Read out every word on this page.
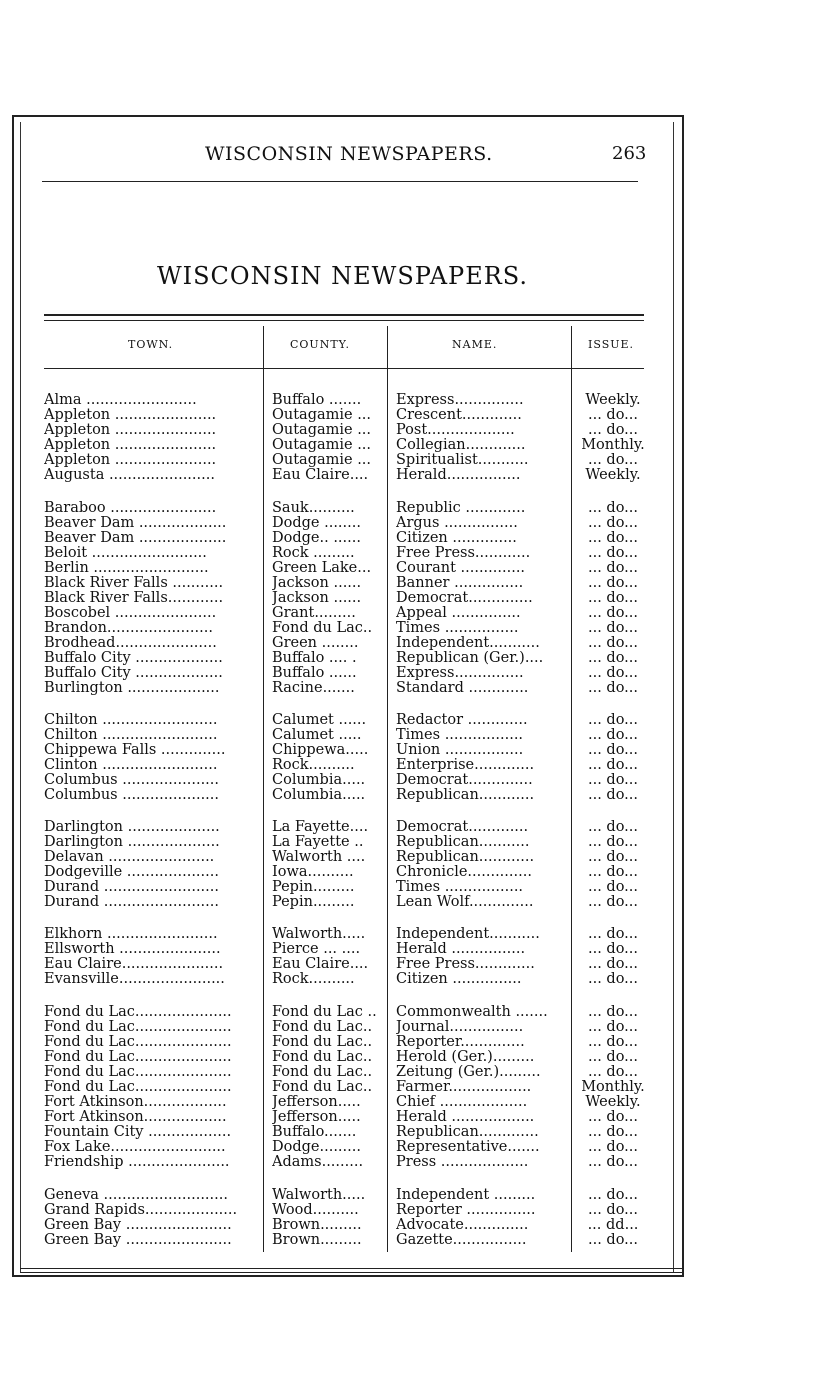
WISCONSIN NEWSPAPERS.	263
WISCONSIN NEWSPAPERS.
TOWN.	COUNTY.	NAME.	ISSUE.
Alma ........................	Buffalo .......	Express...............	Weekly.
Appleton ......................	Outagamie ...	Crescent.............	... do...
Appleton ......................	Outagamie ...	Post...................	... do...
Appleton ......................	Outagamie ...	Collegian.............	Monthly.
Appleton ......................	Outagamie ...	Spiritualist...........	... do...
Augusta .......................	Eau Claire....	Herald................	Weekly.
Baraboo .......................	Sauk..........	Republic .............	... do...
Beaver Dam ...................	Dodge ........	Argus ................	... do...
Beaver Dam ...................	Dodge.. ......	Citizen ..............	... do...
Beloit .........................	Rock .........	Free Press............	... do...
Berlin .........................	Green Lake...	Courant ..............	... do...
Black River Falls ...........	Jackson ......	Banner ...............	... do...
Black River Falls............	Jackson ......	Democrat..............	... do...
Boscobel ......................	Grant.........	Appeal ...............	... do...
Brandon.......................	Fond du Lac..	Times ................	... do...
Brodhead......................	Green ........	Independent...........	... do...
Buffalo City ...................	Buffalo .... .	Republican (Ger.)....	... do...
Buffalo City ...................	Buffalo ......	Express...............	... do...
Burlington ....................	Racine.......	Standard .............	... do...
Chilton .........................	Calumet ......	Redactor .............	... do...
Chilton .........................	Calumet .....	Times .................	... do...
Chippewa Falls ..............	Chippewa.....	Union .................	... do...
Clinton .........................	Rock..........	Enterprise.............	... do...
Columbus .....................	Columbia.....	Democrat..............	... do...
Columbus .....................	Columbia.....	Republican............	... do...
Darlington ....................	La Fayette....	Democrat.............	... do...
Darlington ....................	La Fayette ..	Republican...........	... do...
Delavan .......................	Walworth ....	Republican............	... do...
Dodgeville ....................	Iowa..........	Chronicle..............	... do...
Durand .........................	Pepin.........	Times .................	... do...
Durand .........................	Pepin.........	Lean Wolf..............	... do...
Elkhorn ........................	Walworth.....	Independent...........	... do...
Ellsworth ......................	Pierce ... ....	Herald ................	... do...
Eau Claire......................	Eau Claire....	Free Press.............	... do...
Evansville.......................	Rock..........	Citizen ...............	... do...
Fond du Lac.....................	Fond du Lac ..	Commonwealth .......	... do...
Fond du Lac.....................	Fond du Lac..	Journal................	... do...
Fond du Lac.....................	Fond du Lac..	Reporter..............	... do...
Fond du Lac.....................	Fond du Lac..	Herold (Ger.).........	... do...
Fond du Lac.....................	Fond du Lac..	Zeitung (Ger.).........	... do...
Fond du Lac.....................	Fond du Lac..	Farmer..................	Monthly.
Fort Atkinson..................	Jefferson.....	Chief ...................	Weekly.
Fort Atkinson..................	Jefferson.....	Herald ..................	... do...
Fountain City ..................	Buffalo.......	Republican.............	... do...
Fox Lake.........................	Dodge.........	Representative.......	... do...
Friendship ......................	Adams.........	Press ...................	... do...
Geneva ...........................	Walworth.....	Independent .........	... do...
Grand Rapids....................	Wood..........	Reporter ...............	... do...
Green Bay .......................	Brown.........	Advocate..............	... dd...
Green Bay .......................	Brown.........	Gazette................	... do...
